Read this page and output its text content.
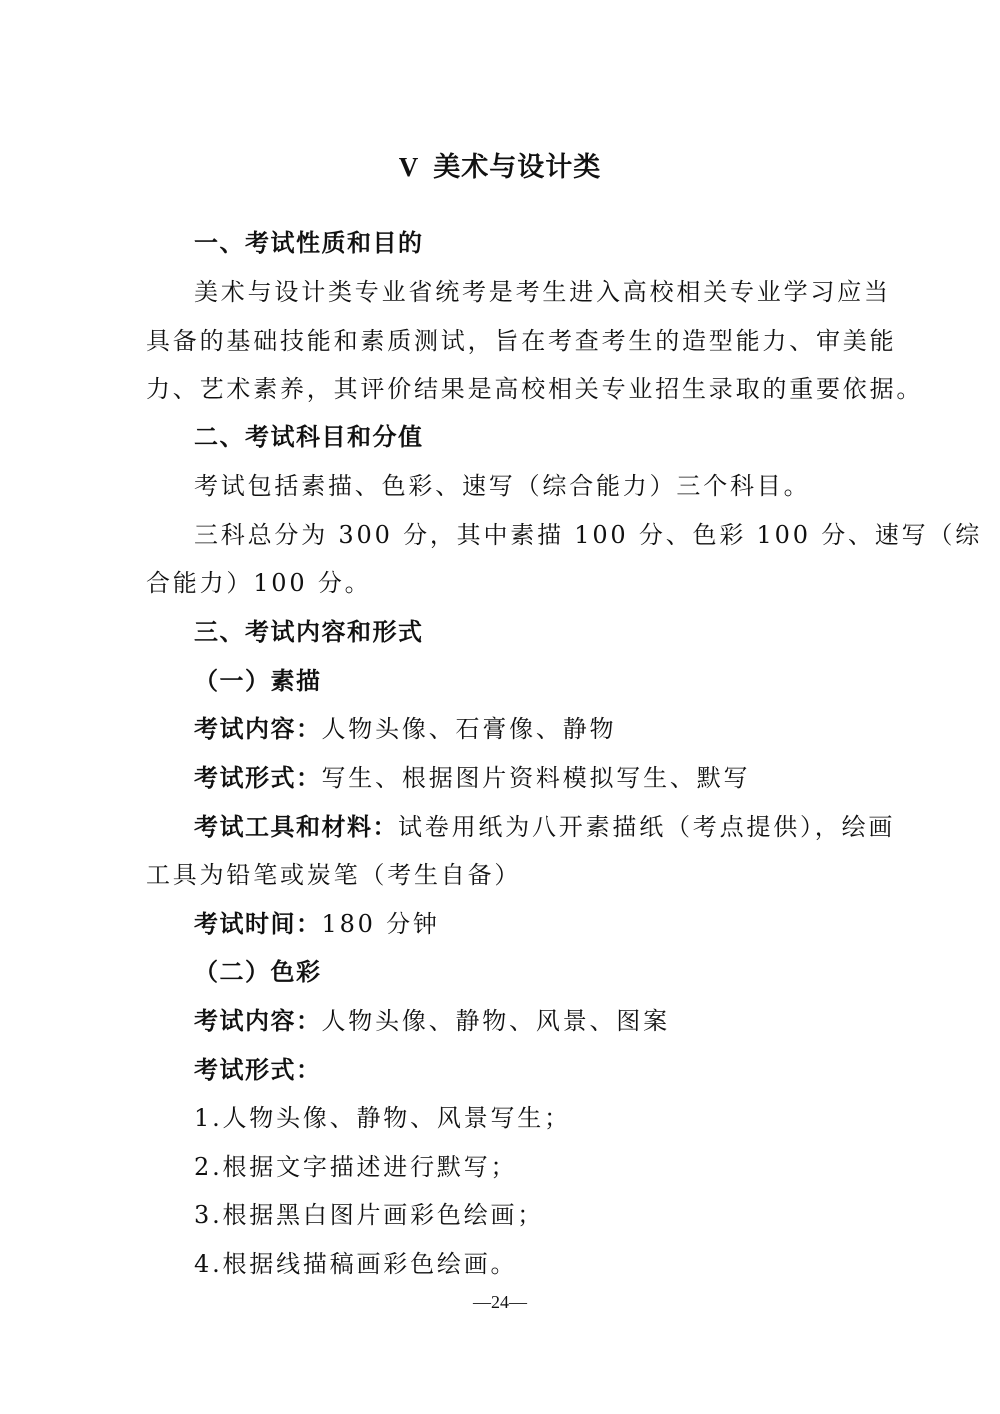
V 美术与设计类
一、考试性质和目的
美术与设计类专业省统考是考生进入高校相关专业学习应当
具备的基础技能和素质测试，旨在考查考生的造型能力、审美能
力、艺术素养，其评价结果是高校相关专业招生录取的重要依据。
二、考试科目和分值
考试包括素描、色彩、速写（综合能力）三个科目。
三科总分为 300 分，其中素描 100 分、色彩 100 分、速写（综
合能力）100 分。
三、考试内容和形式
（一）素描
考试内容：人物头像、石膏像、静物
考试形式：写生、根据图片资料模拟写生、默写
考试工具和材料：试卷用纸为八开素描纸（考点提供），绘画
工具为铅笔或炭笔（考生自备）
考试时间：180 分钟
（二）色彩
考试内容：人物头像、静物、风景、图案
考试形式：
1.人物头像、静物、风景写生；
2.根据文字描述进行默写；
3.根据黑白图片画彩色绘画；
4.根据线描稿画彩色绘画。
—24—
